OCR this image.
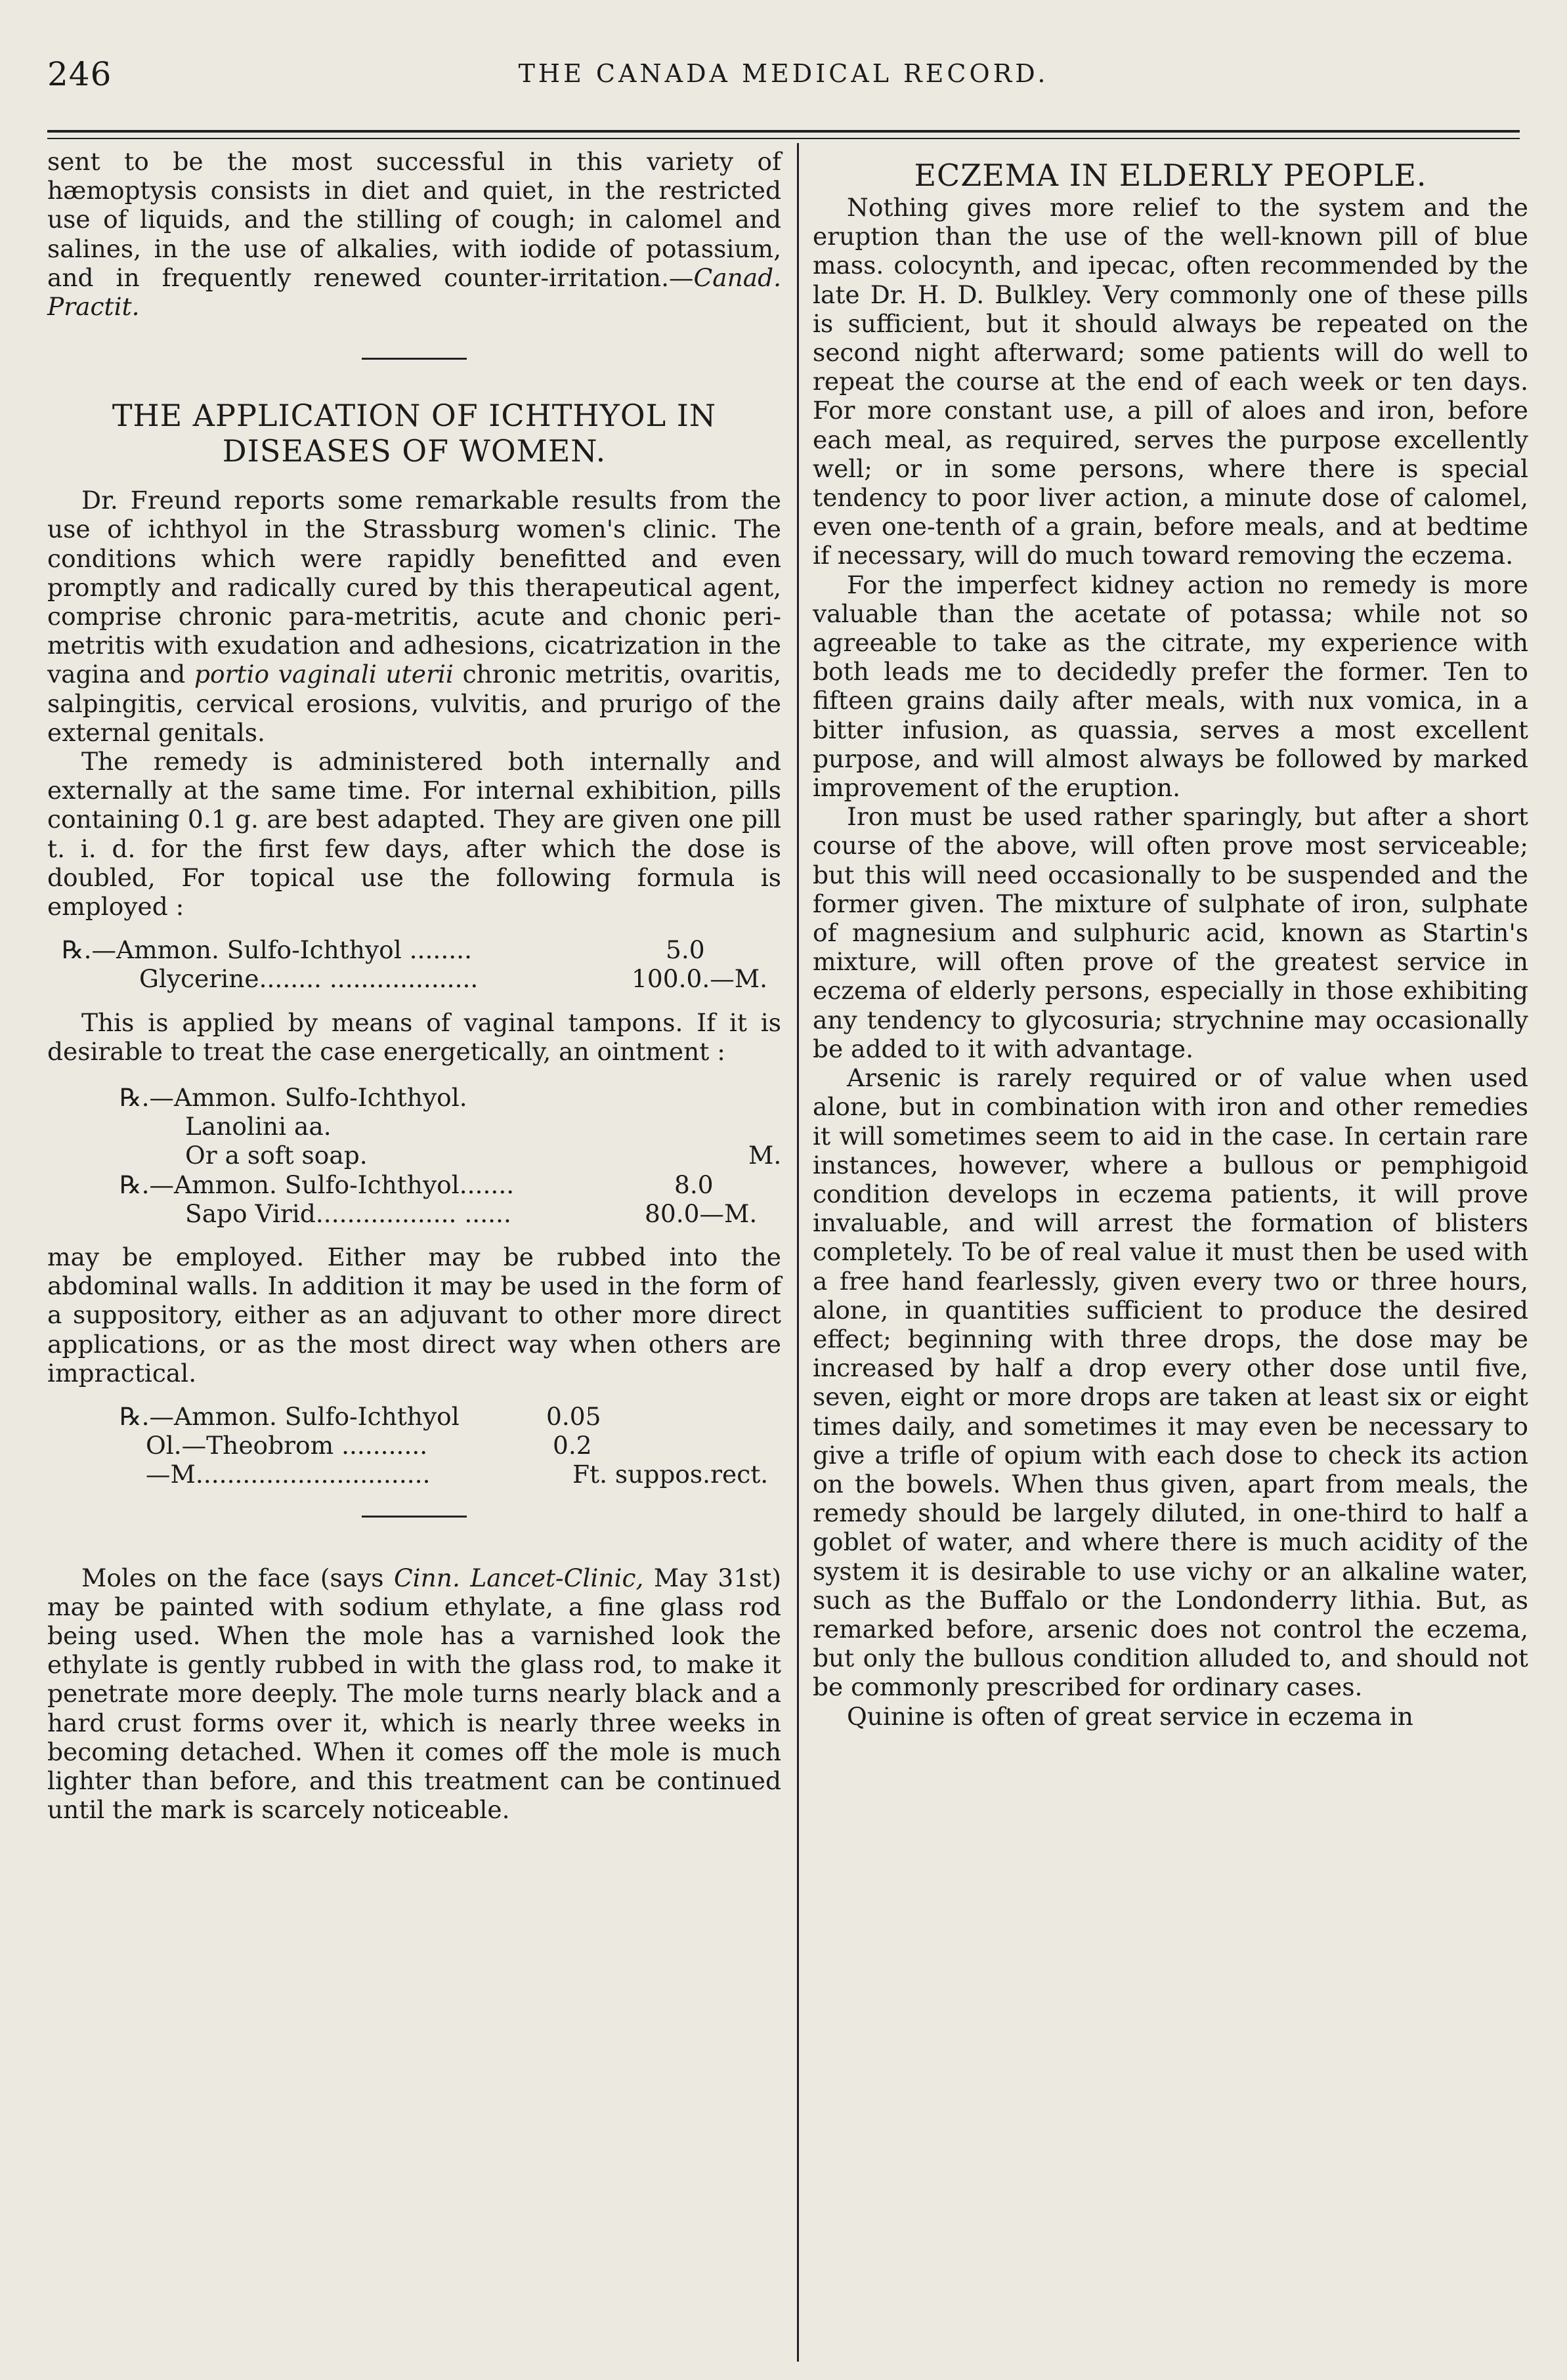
246	THE CANADA MEDICAL RECORD.

sent to be the most successful in this variety of hæmoptysis consists in diet and quiet, in the restricted use of liquids, and the stilling of cough; in calomel and salines, in the use of alkalies, with iodide of potassium, and in frequently renewed counter-irritation.—Canad. Practit.

THE APPLICATION OF ICHTHYOL IN DISEASES OF WOMEN.

Dr. Freund reports some remarkable results from the use of ichthyol in the Strassburg women's clinic. The conditions which were rapidly benefitted and even promptly and radically cured by this therapeutical agent, comprise chronic para-metritis, acute and chonic peri-metritis with exudation and adhesions, cicatrization in the vagina and portio vaginali uterii chronic metritis, ovaritis, salpingitis, cervical erosions, vulvitis, and prurigo of the external genitals.

The remedy is administered both internally and externally at the same time. For internal exhibition, pills containing 0.1 g. are best adapted. They are given one pill t. i. d. for the first few days, after which the dose is doubled, For topical use the following formula is employed :

℞.—Ammon. Sulfo-Ichthyol ........	5.0
Glycerine........ ...................	100.0.—M.

This is applied by means of vaginal tampons. If it is desirable to treat the case energetically, an ointment :

℞.—Ammon. Sulfo-Ichthyol.
Lanolini aa.
Or a soft soap.	M.
℞.—Ammon. Sulfo-Ichthyol.......	8.0
Sapo Virid.................. ......	80.0—M.

may be employed. Either may be rubbed into the abdominal walls. In addition it may be used in the form of a suppository, either as an adjuvant to other more direct applications, or as the most direct way when others are impractical.

℞.—Ammon. Sulfo-Ichthyol	0.05
Ol.—Theobrom ...........	0.2
—M..............................	Ft. suppos.rect.

Moles on the face (says Cinn. Lancet-Clinic, May 31st) may be painted with sodium ethylate, a fine glass rod being used. When the mole has a varnished look the ethylate is gently rubbed in with the glass rod, to make it penetrate more deeply. The mole turns nearly black and a hard crust forms over it, which is nearly three weeks in becoming detached. When it comes off the mole is much lighter than before, and this treatment can be continued until the mark is scarcely noticeable.

ECZEMA IN ELDERLY PEOPLE.

Nothing gives more relief to the system and the eruption than the use of the well-known pill of blue mass. colocynth, and ipecac, often recommended by the late Dr. H. D. Bulkley. Very commonly one of these pills is sufficient, but it should always be repeated on the second night afterward; some patients will do well to repeat the course at the end of each week or ten days. For more constant use, a pill of aloes and iron, before each meal, as required, serves the purpose excellently well; or in some persons, where there is special tendency to poor liver action, a minute dose of calomel, even one-tenth of a grain, before meals, and at bedtime if necessary, will do much toward removing the eczema.

For the imperfect kidney action no remedy is more valuable than the acetate of potassa; while not so agreeable to take as the citrate, my experience with both leads me to decidedly prefer the former. Ten to fifteen grains daily after meals, with nux vomica, in a bitter infusion, as quassia, serves a most excellent purpose, and will almost always be followed by marked improvement of the eruption.

Iron must be used rather sparingly, but after a short course of the above, will often prove most serviceable; but this will need occasionally to be suspended and the former given. The mixture of sulphate of iron, sulphate of magnesium and sulphuric acid, known as Startin's mixture, will often prove of the greatest service in eczema of elderly persons, especially in those exhibiting any tendency to glycosuria; strychnine may occasionally be added to it with advantage.

Arsenic is rarely required or of value when used alone, but in combination with iron and other remedies it will sometimes seem to aid in the case. In certain rare instances, however, where a bullous or pemphigoid condition develops in eczema patients, it will prove invaluable, and will arrest the formation of blisters completely. To be of real value it must then be used with a free hand fearlessly, given every two or three hours, alone, in quantities sufficient to produce the desired effect; beginning with three drops, the dose may be increased by half a drop every other dose until five, seven, eight or more drops are taken at least six or eight times daily, and sometimes it may even be necessary to give a trifle of opium with each dose to check its action on the bowels. When thus given, apart from meals, the remedy should be largely diluted, in one-third to half a goblet of water, and where there is much acidity of the system it is desirable to use vichy or an alkaline water, such as the Buffalo or the Londonderry lithia. But, as remarked before, arsenic does not control the eczema, but only the bullous condition alluded to, and should not be commonly prescribed for ordinary cases.

Quinine is often of great service in eczema in
